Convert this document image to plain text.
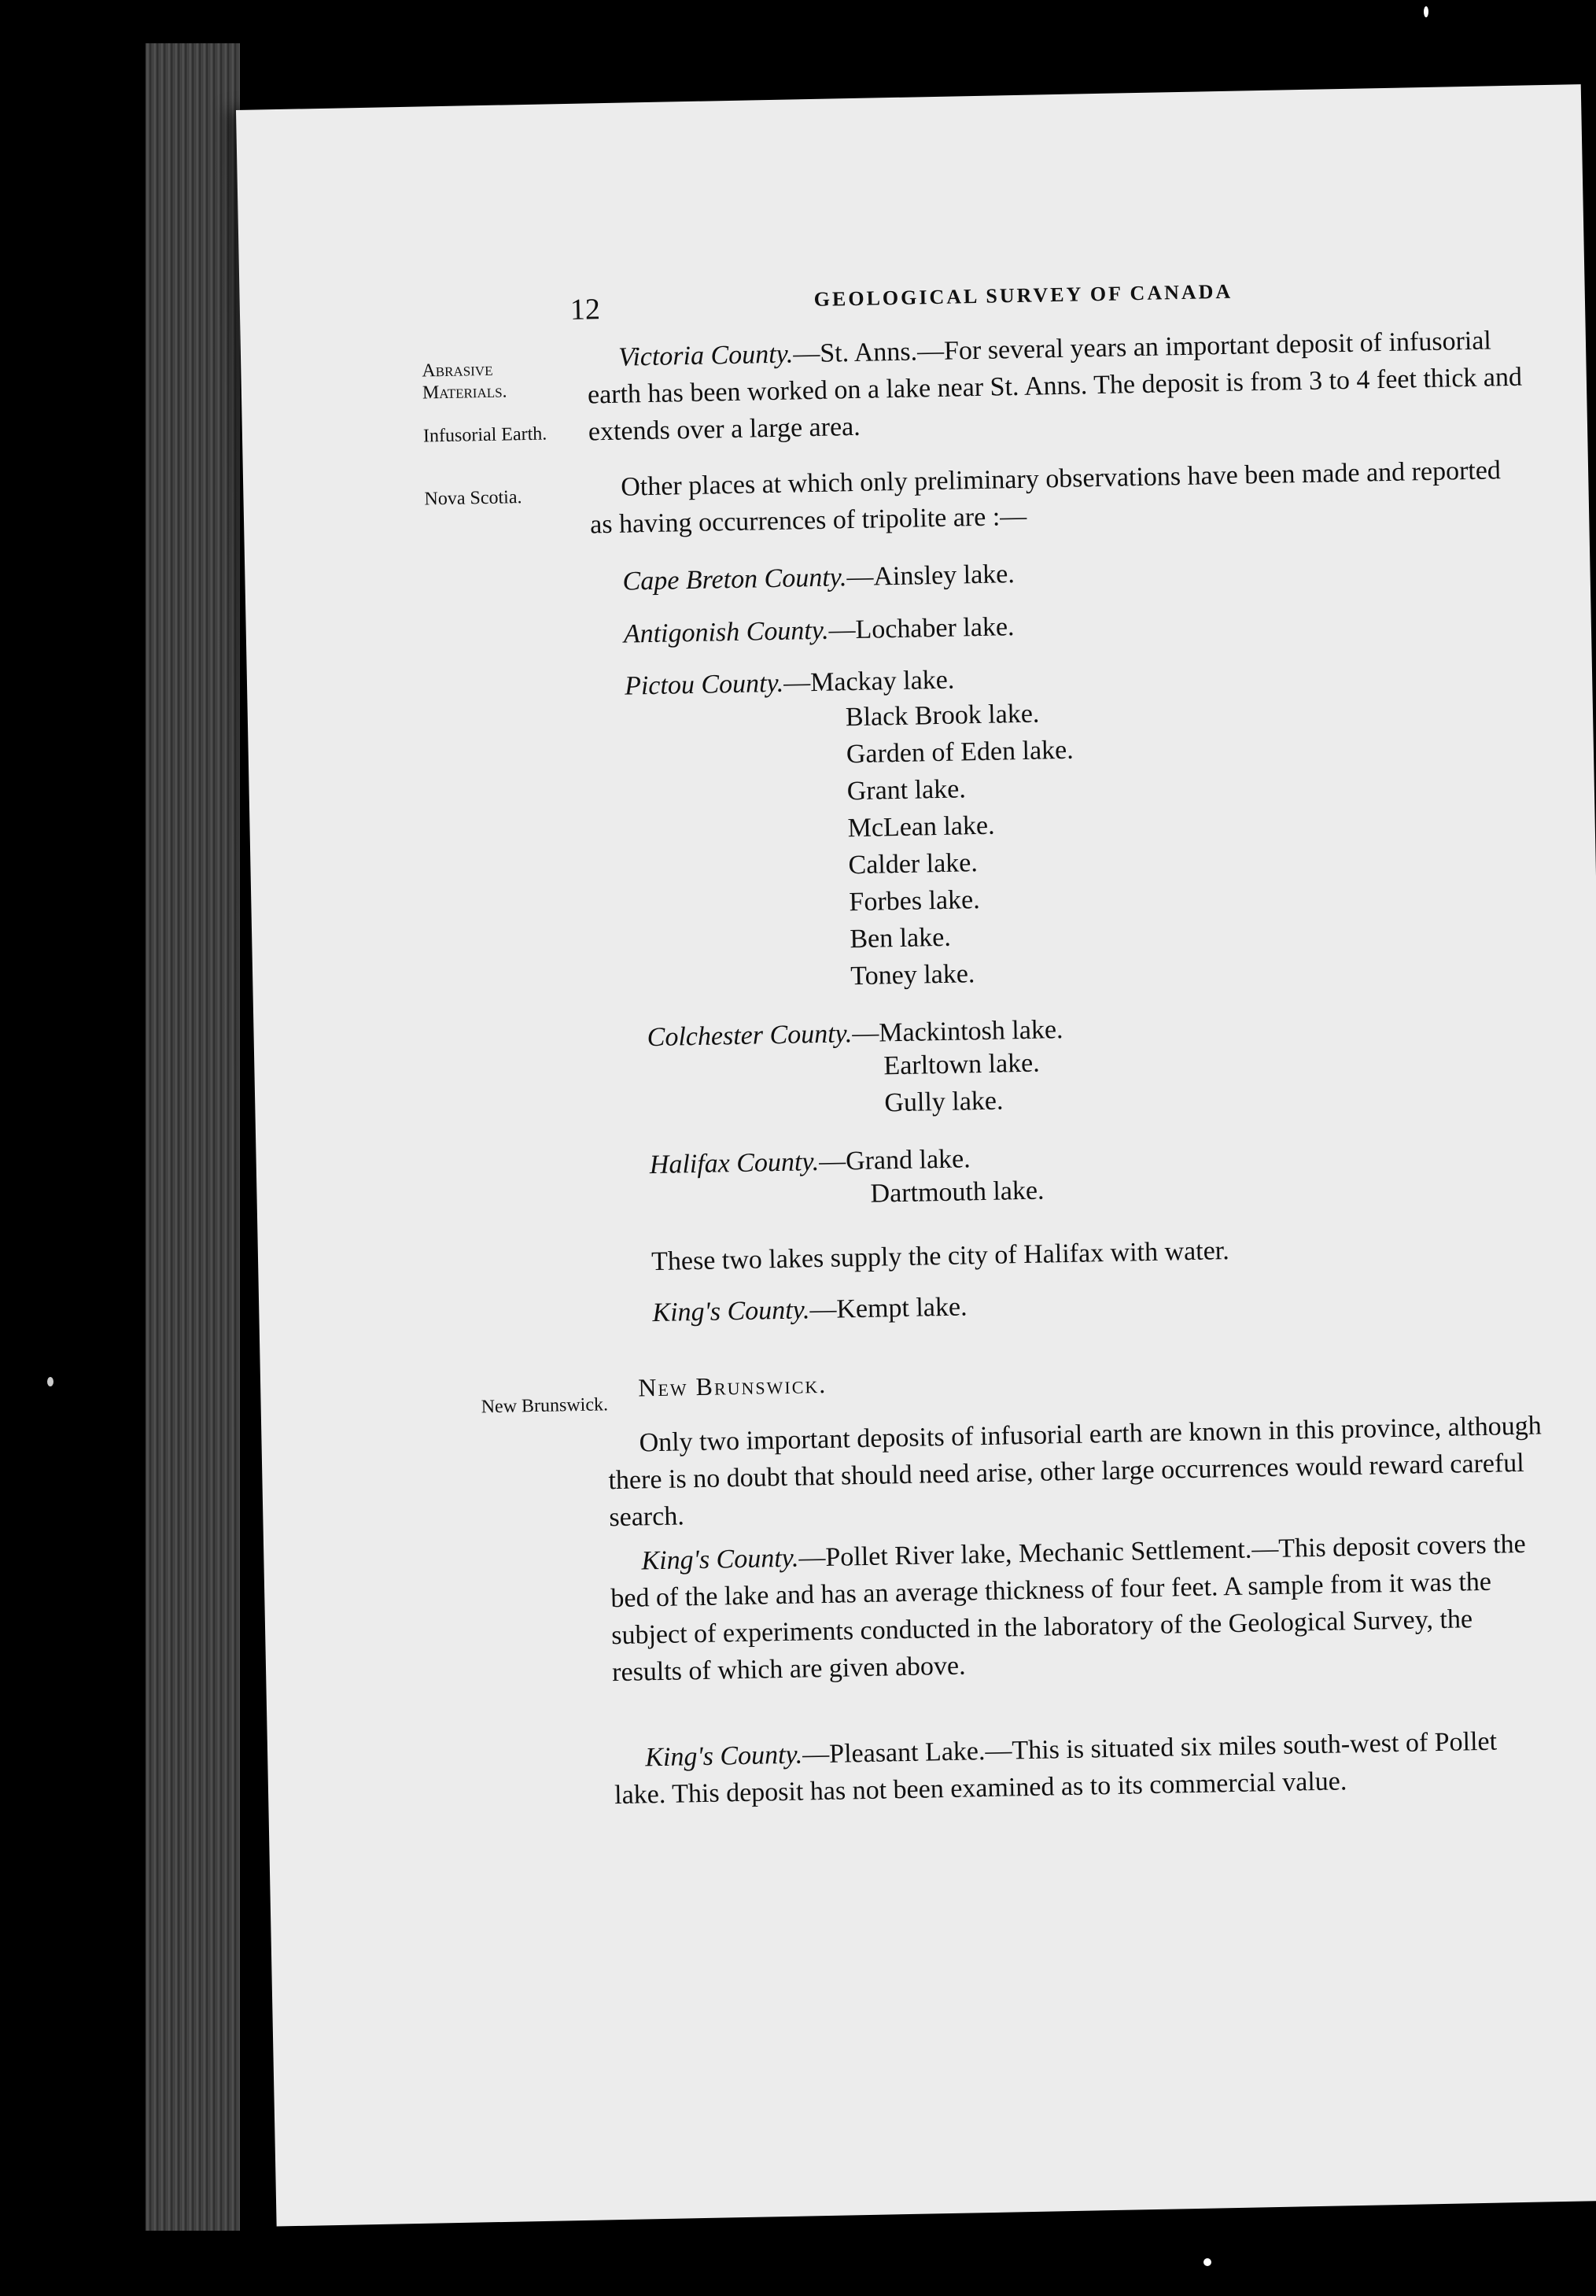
12	GEOLOGICAL SURVEY OF CANADA
Abrasive Materials.
Infusorial Earth.
Nova Scotia.
New Brunswick.
Victoria County.—St. Anns.—For several years an important deposit of infusorial earth has been worked on a lake near St. Anns. The deposit is from 3 to 4 feet thick and extends over a large area.
Other places at which only preliminary observations have been made and reported as having occurrences of tripolite are :—
Cape Breton County.—Ainsley lake.
Antigonish County.—Lochaber lake.
Pictou County.—Mackay lake.
Black Brook lake.
Garden of Eden lake.
Grant lake.
McLean lake.
Calder lake.
Forbes lake.
Ben lake.
Toney lake.
Colchester County.—Mackintosh lake.
Earltown lake.
Gully lake.
Halifax County.—Grand lake.
Dartmouth lake.
These two lakes supply the city of Halifax with water.
King's County.—Kempt lake.
New Brunswick.
Only two important deposits of infusorial earth are known in this province, although there is no doubt that should need arise, other large occurrences would reward careful search.
King's County.—Pollet River lake, Mechanic Settlement.—This deposit covers the bed of the lake and has an average thickness of four feet. A sample from it was the subject of experiments conducted in the laboratory of the Geological Survey, the results of which are given above.
King's County.—Pleasant Lake.—This is situated six miles south-west of Pollet lake. This deposit has not been examined as to its commercial value.
